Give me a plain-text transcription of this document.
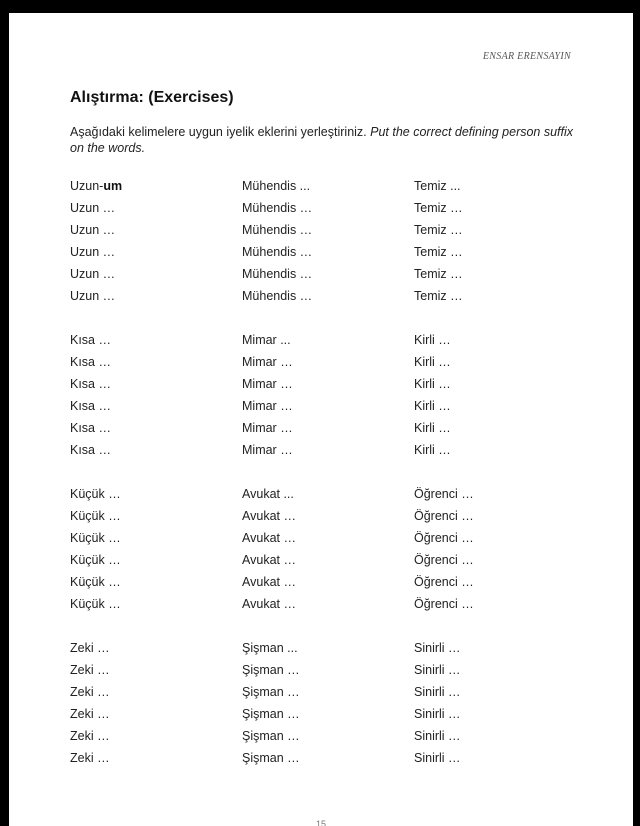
ENSAR ERENSAYIN
Alıştırma: (Exercises)

Aşağıdaki kelimelere uygun iyelik eklerini yerleştiriniz. Put the correct defining person suffix on the words.

Uzun-um	Mühendis ...	Temiz ...
Uzun …	Mühendis …	Temiz …
Uzun …	Mühendis …	Temiz …
Uzun …	Mühendis …	Temiz …
Uzun …	Mühendis …	Temiz …
Uzun …	Mühendis …	Temiz …
Kısa …	Mimar ...	Kirli …
Kısa …	Mimar …	Kirli …
Kısa …	Mimar …	Kirli …
Kısa …	Mimar …	Kirli …
Kısa …	Mimar …	Kirli …
Kısa …	Mimar …	Kirli …
Küçük …	Avukat ...	Öğrenci …
Küçük …	Avukat …	Öğrenci …
Küçük …	Avukat …	Öğrenci …
Küçük …	Avukat …	Öğrenci …
Küçük …	Avukat …	Öğrenci …
Küçük …	Avukat …	Öğrenci …
Zeki …	Şişman ...	Sinirli …
Zeki …	Şişman …	Sinirli …
Zeki …	Şişman …	Sinirli …
Zeki …	Şişman …	Sinirli …
Zeki …	Şişman …	Sinirli …
Zeki …	Şişman …	Sinirli …
15
